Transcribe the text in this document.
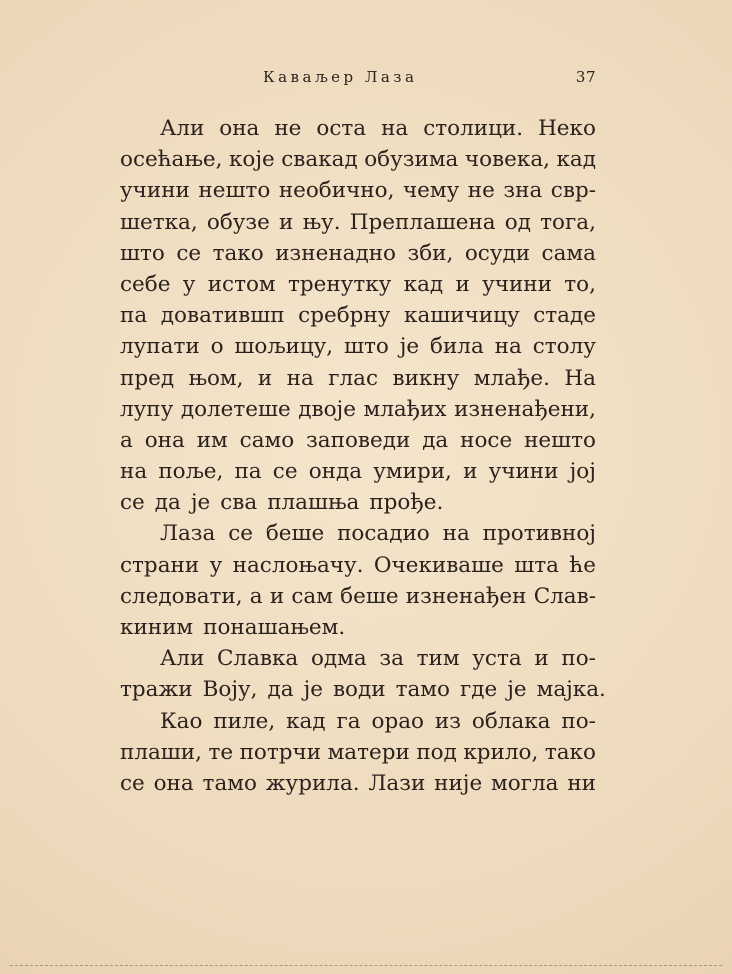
Каваљер Лаза	37
Али она не оста на столици. Неко
осећање, које свакад обузима човека, кад
учини нешто необично, чему не зна свр-
шетка, обузе и њу. Преплашена од тога,
што се тако изненадно зби, осуди сама
себе у истом тренутку кад и учини то,
па доватившп сребрну кашичицу стаде
лупати о шољицу, што је била на столу
пред њом, и на глас викну млађе. На
лупу долетеше двоје млађих изненађени,
а она им само заповеди да носе нешто
на поље, па се онда умири, и учини јој
се да је сва плашња прође.
Лаза се беше посадио на противној
страни у наслоњачу. Очекиваше шта ће
следовати, а и сам беше изненађен Слав-
киним понашањем.
Али Славка одма за тим уста и по-
тражи Воју, да је води тамо где је мајка.
Као пиле, кад га орао из облака по-
плаши, те потрчи матери под крило, тако
се она тамо журила. Лази није могла ни
